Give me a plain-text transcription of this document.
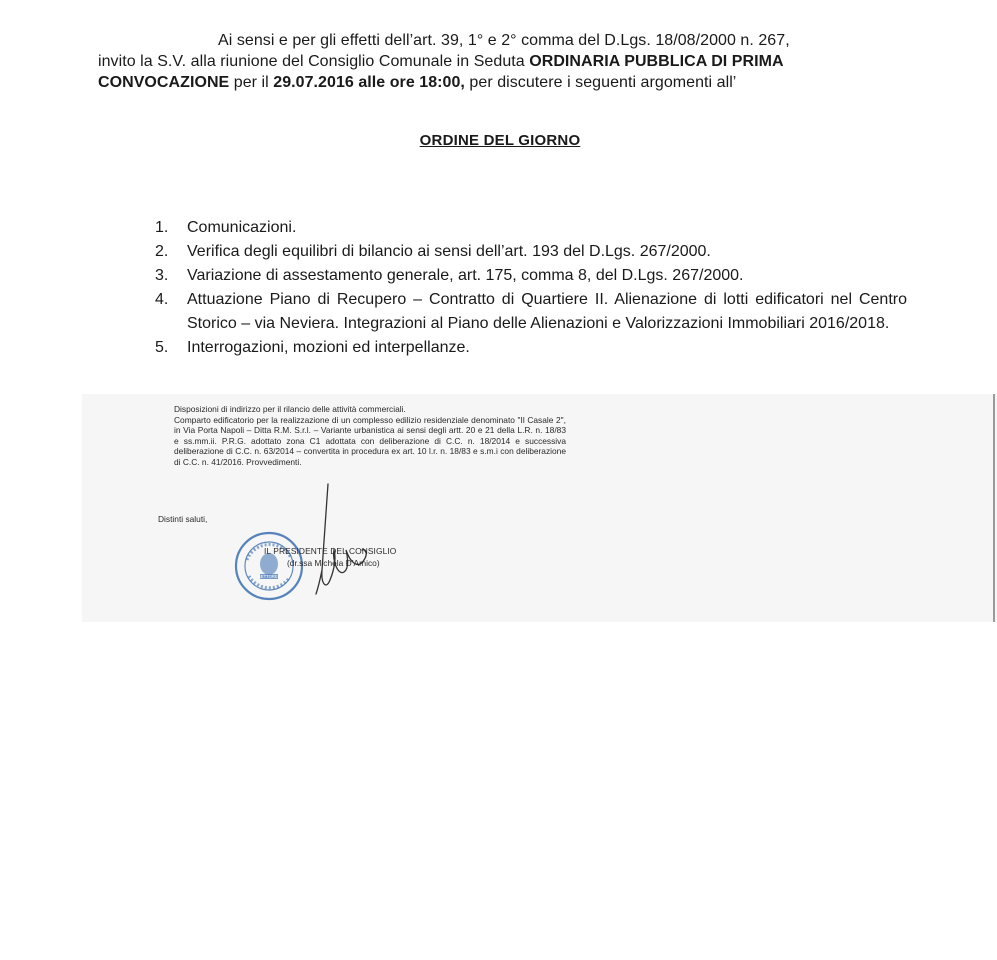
Ai sensi e per gli effetti dell’art. 39, 1° e 2° comma del D.Lgs. 18/08/2000 n. 267,
invito la S.V. alla riunione del Consiglio Comunale in Seduta ORDINARIA PUBBLICA DI PRIMA
CONVOCAZIONE per il 29.07.2016 alle ore 18:00, per discutere i seguenti argomenti all’
ORDINE DEL GIORNO
1. Comunicazioni.
2. Verifica degli equilibri di bilancio ai sensi dell’art. 193 del D.Lgs. 267/2000.
3. Variazione di assestamento generale, art. 175, comma 8, del D.Lgs. 267/2000.
4. Attuazione Piano di Recupero – Contratto di Quartiere II. Alienazione di lotti edificatori nel Centro Storico – via Neviera. Integrazioni al Piano delle Alienazioni e Valorizzazioni Immobiliari 2016/2018.
5. Interrogazioni, mozioni ed interpellanze.

Disposizioni di indirizzo per il rilancio delle attività commerciali.

Comparto edificatorio per la realizzazione di un complesso edilizio residenziale denominato "Il Casale 2", in Via Porta Napoli – Ditta R.M. S.r.l. – Variante urbanistica ai sensi degli artt. 20 e 21 della L.R. n. 18/83 e ss.mm.ii. P.R.G. adottato zona C1 adottata con deliberazione di C.C. n. 18/2014 e successiva deliberazione di C.C. n. 63/2014 – convertita in procedura ex art. 10 l.r. n. 18/83 e s.m.i con deliberazione di C.C. n. 41/2016. Provvedimenti.

Distinti saluti,
SETTORE I
IL PRESIDENTE DEL CONSIGLIO
(dr.ssa Michela D’Amico)
